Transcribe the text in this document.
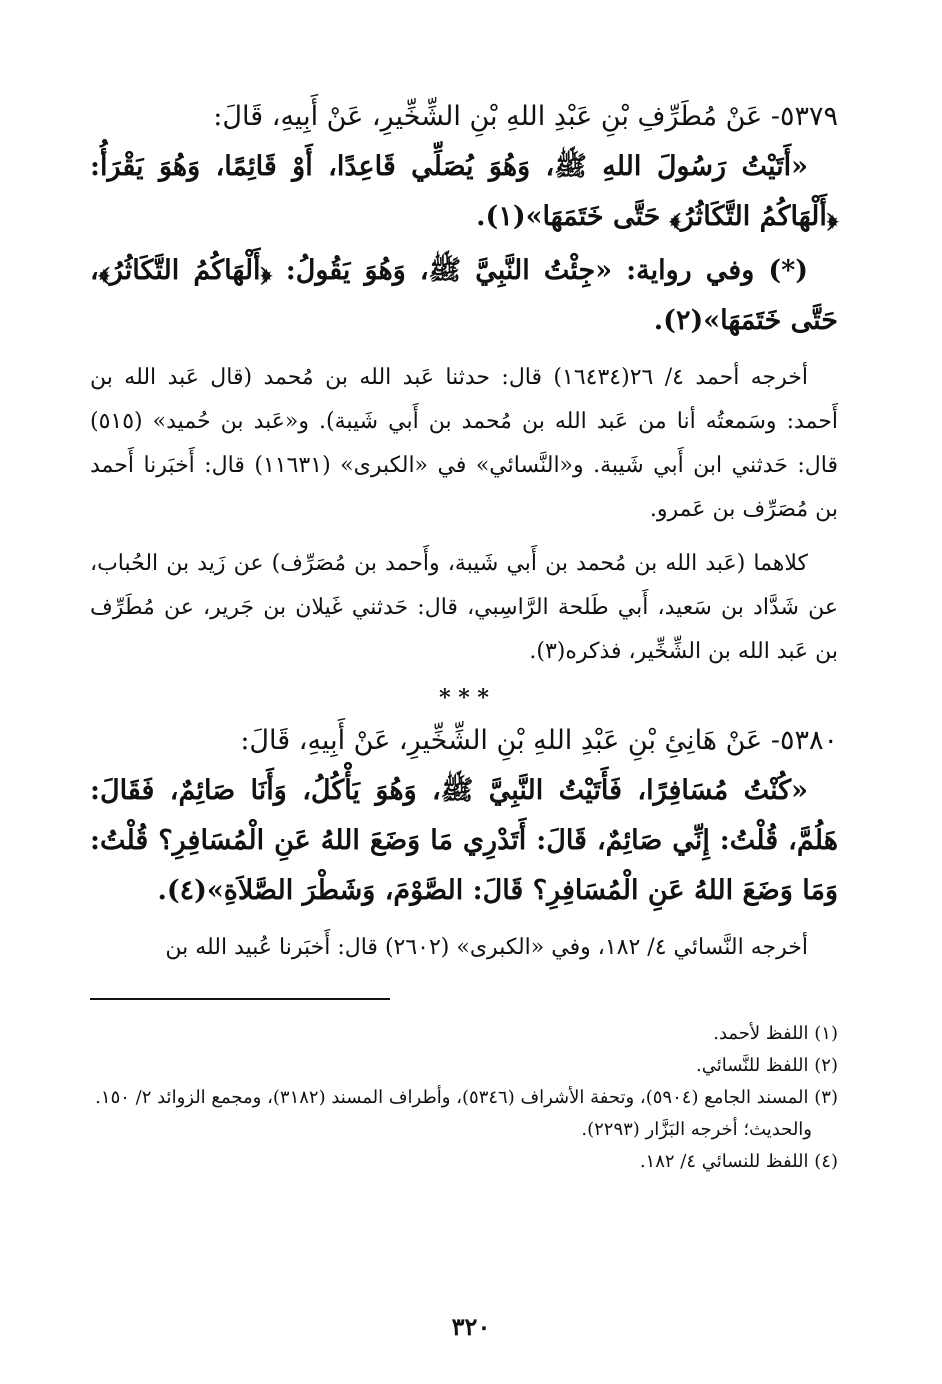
٥٣٧٩- عَنْ مُطَرِّفِ بْنِ عَبْدِ اللهِ بْنِ الشِّخِّيرِ، عَنْ أَبِيهِ، قَالَ:

«أَتَيْتُ رَسُولَ اللهِ ﷺ، وَهُوَ يُصَلِّي قَاعِدًا، أَوْ قَائِمًا، وَهُوَ يَقْرَأُ: ﴿أَلْهَاكُمُ التَّكَاثُرُ﴾ حَتَّى خَتَمَهَا»(١).

(*) وفي رواية: «جِئْتُ النَّبِيَّ ﷺ، وَهُوَ يَقُولُ: ﴿أَلْهَاكُمُ التَّكَاثُرُ﴾، حَتَّى خَتَمَهَا»(٢).

أخرجه أحمد ٤/ ٢٦(١٦٤٣٤) قال: حدثنا عَبد الله بن مُحمد (قال عَبد الله بن أَحمد: وسَمعتُه أنا من عَبد الله بن مُحمد بن أَبي شَيبة). و«عَبد بن حُميد» (٥١٥) قال: حَدثني ابن أَبي شَيبة. و«النَّسائي» في «الكبرى» (١١٦٣١) قال: أَخبَرنا أَحمد بن مُصَرِّف بن عَمرو.

كلاهما (عَبد الله بن مُحمد بن أَبي شَيبة، وأَحمد بن مُصَرِّف) عن زَيد بن الحُباب، عن شَدَّاد بن سَعيد، أَبي طَلحة الرَّاسِبي، قال: حَدثني غَيلان بن جَرير، عن مُطَرِّف بن عَبد الله بن الشِّخِّير، فذكره(٣).

* * *

٥٣٨٠- عَنْ هَانِئِ بْنِ عَبْدِ اللهِ بْنِ الشِّخِّيرِ، عَنْ أَبِيهِ، قَالَ:

«كُنْتُ مُسَافِرًا، فَأَتَيْتُ النَّبِيَّ ﷺ، وَهُوَ يَأْكُلُ، وَأَنَا صَائِمٌ، فَقَالَ: هَلُمَّ، قُلْتُ: إِنِّي صَائِمٌ، قَالَ: أَتَدْرِي مَا وَضَعَ اللهُ عَنِ الْمُسَافِرِ؟ قُلْتُ: وَمَا وَضَعَ اللهُ عَنِ الْمُسَافِرِ؟ قَالَ: الصَّوْمَ، وَشَطْرَ الصَّلاَةِ»(٤).

أخرجه النَّسائي ٤/ ١٨٢، وفي «الكبرى» (٢٦٠٢) قال: أَخبَرنا عُبيد الله بن

(١) اللفظ لأحمد.

(٢) اللفظ للنَّسائي.

(٣) المسند الجامع (٥٩٠٤)، وتحفة الأشراف (٥٣٤٦)، وأطراف المسند (٣١٨٢)، ومجمع الزوائد ٢/ ١٥٠.

والحديث؛ أخرجه البَزَّار (٢٢٩٣).

(٤) اللفظ للنسائي ٤/ ١٨٢.

٣٢٠
